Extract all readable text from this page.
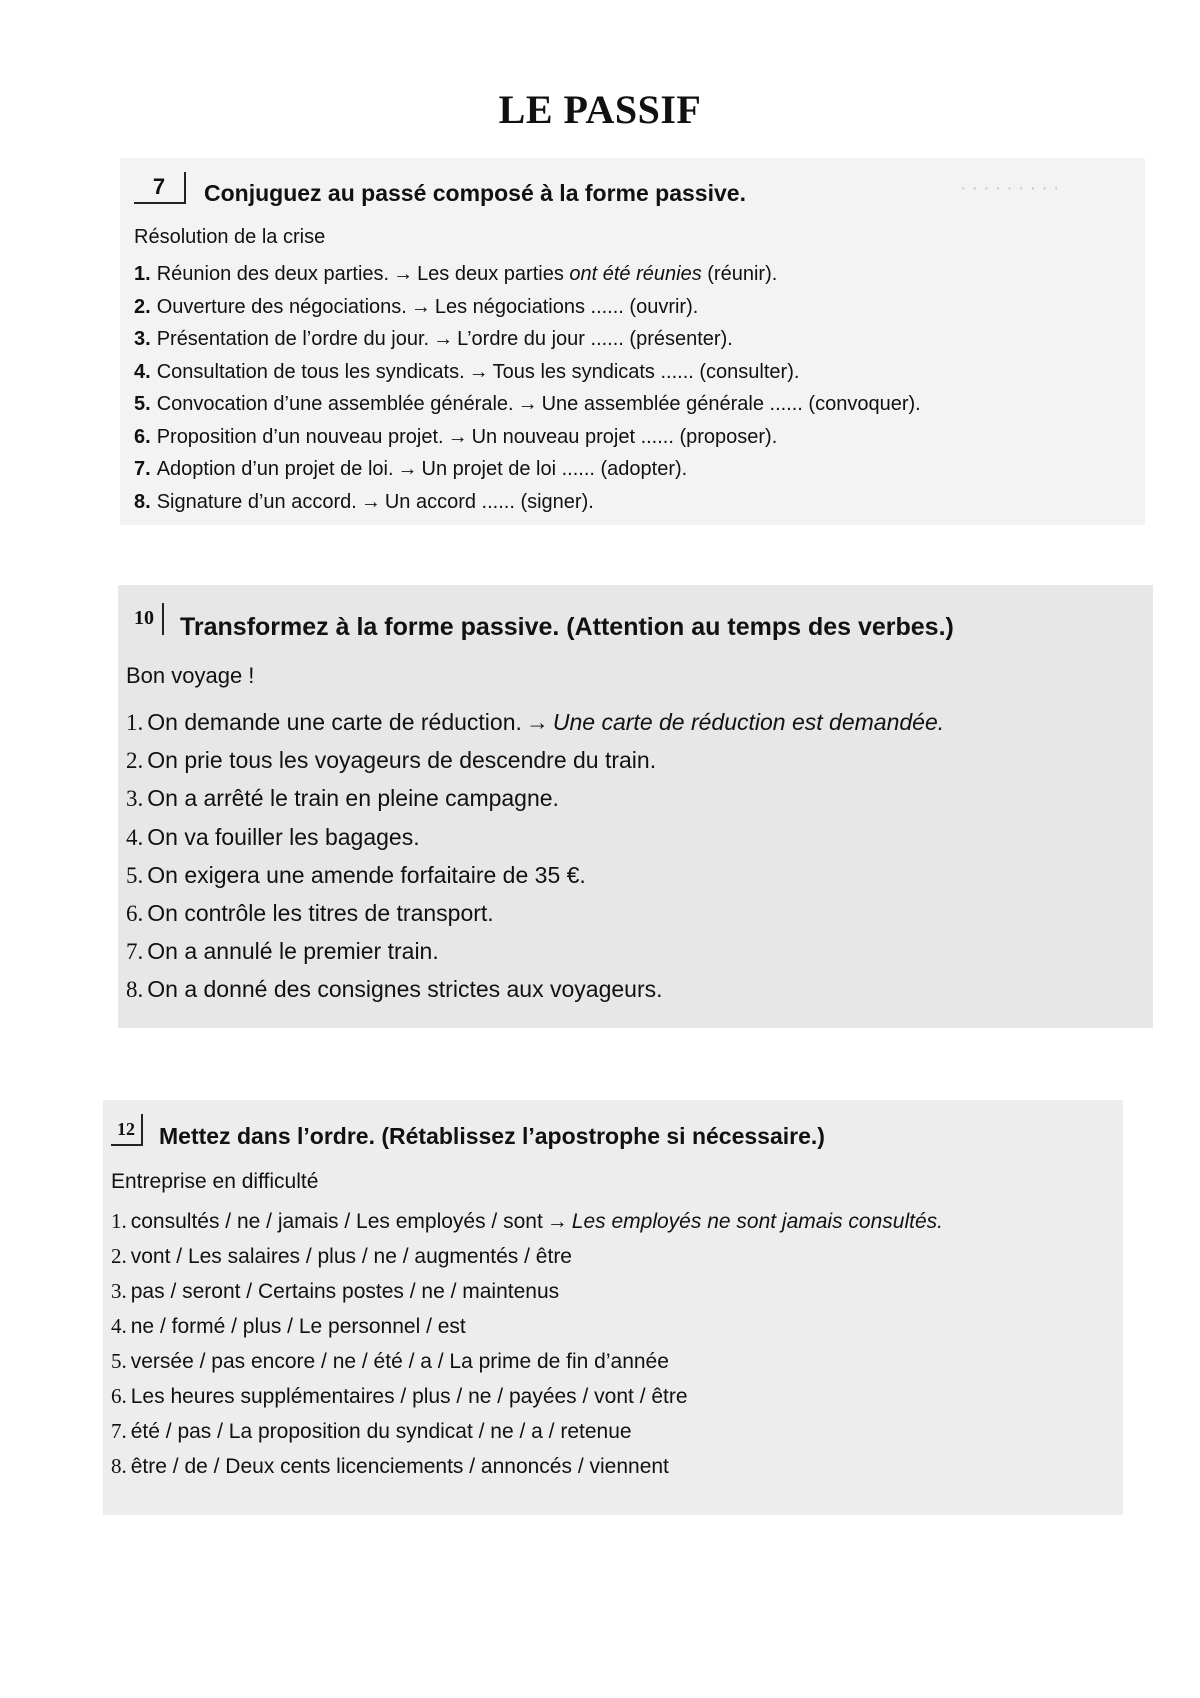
LE PASSIF
· · · · · · · · ·
7	Conjuguez au passé composé à la forme passive.
Résolution de la crise
1. Réunion des deux parties. → Les deux parties ont été réunies (réunir).
2. Ouverture des négociations. → Les négociations ...... (ouvrir).
3. Présentation de l’ordre du jour. → L’ordre du jour ...... (présenter).
4. Consultation de tous les syndicats. → Tous les syndicats ...... (consulter).
5. Convocation d’une assemblée générale. → Une assemblée générale ...... (convoquer).
6. Proposition d’un nouveau projet. → Un nouveau projet ...... (proposer).
7. Adoption d’un projet de loi. → Un projet de loi ...... (adopter).
8. Signature d’un accord. → Un accord ...... (signer).
10	Transformez à la forme passive. (Attention au temps des verbes.)
Bon voyage !
1. On demande une carte de réduction. → Une carte de réduction est demandée.
2. On prie tous les voyageurs de descendre du train.
3. On a arrêté le train en pleine campagne.
4. On va fouiller les bagages.
5. On exigera une amende forfaitaire de 35 €.
6. On contrôle les titres de transport.
7. On a annulé le premier train.
8. On a donné des consignes strictes aux voyageurs.
12	Mettez dans l’ordre. (Rétablissez l’apostrophe si nécessaire.)
Entreprise en difficulté
1. consultés / ne / jamais / Les employés / sont → Les employés ne sont jamais consultés.
2. vont / Les salaires / plus / ne / augmentés / être
3. pas / seront / Certains postes / ne / maintenus
4. ne / formé / plus / Le personnel / est
5. versée / pas encore / ne / été / a / La prime de fin d’année
6. Les heures supplémentaires / plus / ne / payées / vont / être
7. été / pas / La proposition du syndicat / ne / a / retenue
8. être / de / Deux cents licenciements / annoncés / viennent
